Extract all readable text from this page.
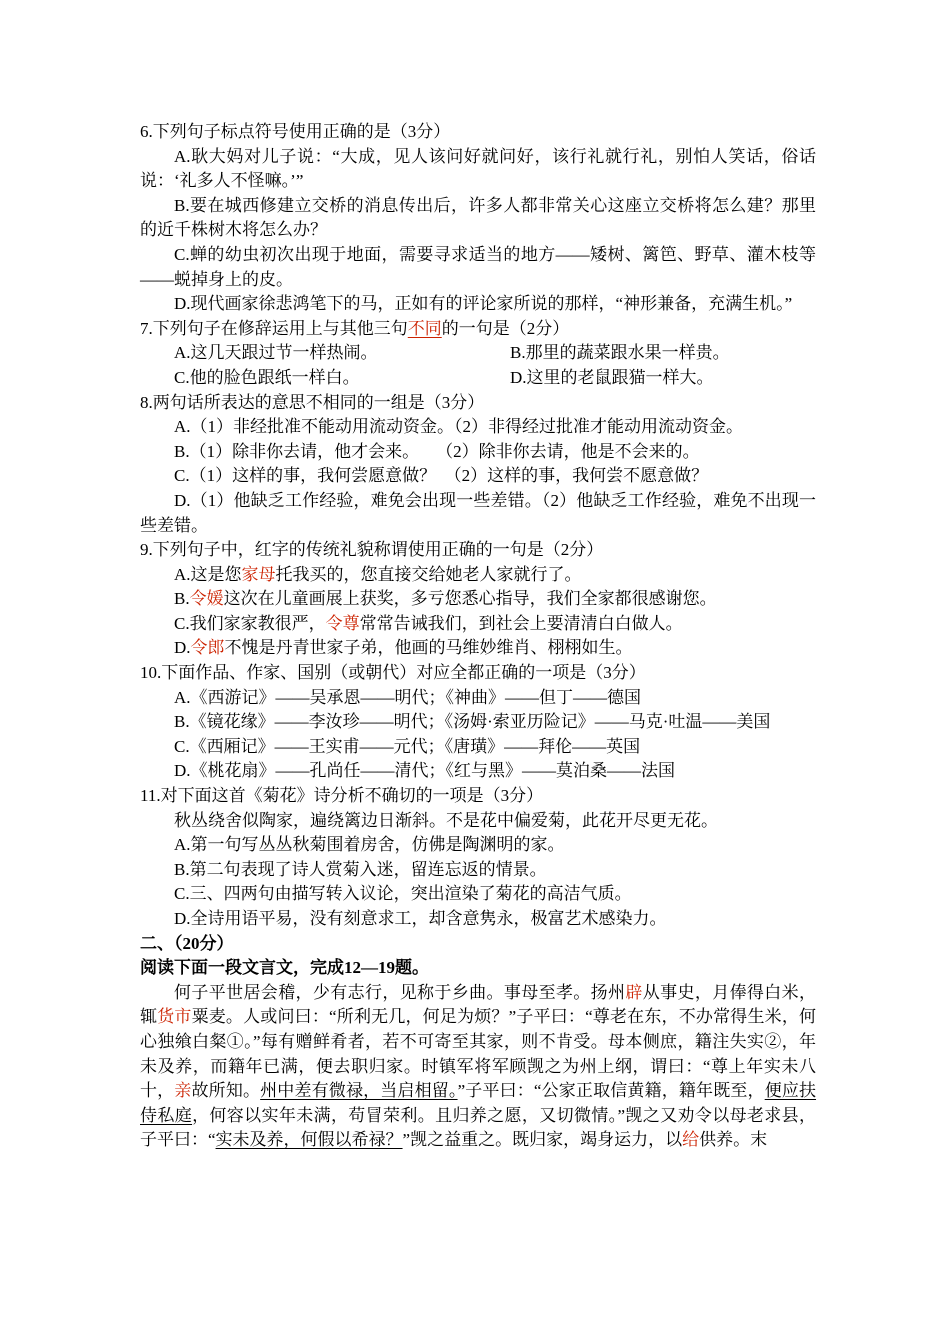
6.下列句子标点符号使用正确的是（3分）
A.耿大妈对儿子说：“大成，见人该问好就问好，该行礼就行礼，别怕人笑话，俗话说：‘礼多人不怪嘛。’”
B.要在城西修建立交桥的消息传出后，许多人都非常关心这座立交桥将怎么建？那里的近千株树木将怎么办？
C.蝉的幼虫初次出现于地面，需要寻求适当的地方——矮树、篱笆、野草、灌木枝等——蜕掉身上的皮。
D.现代画家徐悲鸿笔下的马，正如有的评论家所说的那样，“神形兼备，充满生机。”
7.下列句子在修辞运用上与其他三句不同的一句是（2分）
A.这几天跟过节一样热闹。	B.那里的蔬菜跟水果一样贵。
C.他的脸色跟纸一样白。	D.这里的老鼠跟猫一样大。
8.两句话所表达的意思不相同的一组是（3分）
A.（1）非经批准不能动用流动资金。（2）非得经过批准才能动用流动资金。
B.（1）除非你去请，他才会来。　　（2）除非你去请，他是不会来的。
C.（1）这样的事，我何尝愿意做？　（2）这样的事，我何尝不愿意做？
D.（1）他缺乏工作经验，难免会出现一些差错。（2）他缺乏工作经验，难免不出现一些差错。
9.下列句子中，红字的传统礼貌称谓使用正确的一句是（2分）
A.这是您家母托我买的，您直接交给她老人家就行了。
B.令媛这次在儿童画展上获奖，多亏您悉心指导，我们全家都很感谢您。
C.我们家家教很严，令尊常常告诫我们，到社会上要清清白白做人。
D.令郎不愧是丹青世家子弟，他画的马维妙维肖、栩栩如生。
10.下面作品、作家、国别（或朝代）对应全都正确的一项是（3分）
A.《西游记》——吴承恩——明代；《神曲》——但丁——德国
B.《镜花缘》——李汝珍——明代；《汤姆·索亚历险记》——马克·吐温——美国
C.《西厢记》——王实甫——元代；《唐璜》——拜伦——英国
D.《桃花扇》——孔尚任——清代；《红与黑》——莫泊桑——法国
11.对下面这首《菊花》诗分析不确切的一项是（3分）
秋丛绕舍似陶家，遍绕篱边日渐斜。不是花中偏爱菊，此花开尽更无花。
A.第一句写丛丛秋菊围着房舍，仿佛是陶渊明的家。
B.第二句表现了诗人赏菊入迷，留连忘返的情景。
C.三、四两句由描写转入议论，突出渲染了菊花的高洁气质。
D.全诗用语平易，没有刻意求工，却含意隽永，极富艺术感染力。
二、（20分）
阅读下面一段文言文，完成12—19题。
何子平世居会稽，少有志行，见称于乡曲。事母至孝。扬州辟从事史，月俸得白米，辄货市粟麦。人或问曰：“所利无几，何足为烦？”子平曰：“尊老在东，不办常得生米，何心独飨白粲①。”每有赠鲜肴者，若不可寄至其家，则不肯受。母本侧庶，籍注失实②，年未及养，而籍年已满，便去职归家。时镇军将军顾觊之为州上纲，谓曰：“尊上年实未八十，亲故所知。州中差有微禄，当启相留。”子平曰：“公家正取信黄籍，籍年既至，便应扶侍私庭，何容以实年未满，苟冒荣利。且归养之愿，又切微情。”觊之又劝令以母老求县，子平曰：“实未及养，何假以希禄？”觊之益重之。既归家，竭身运力，以给供养。末
